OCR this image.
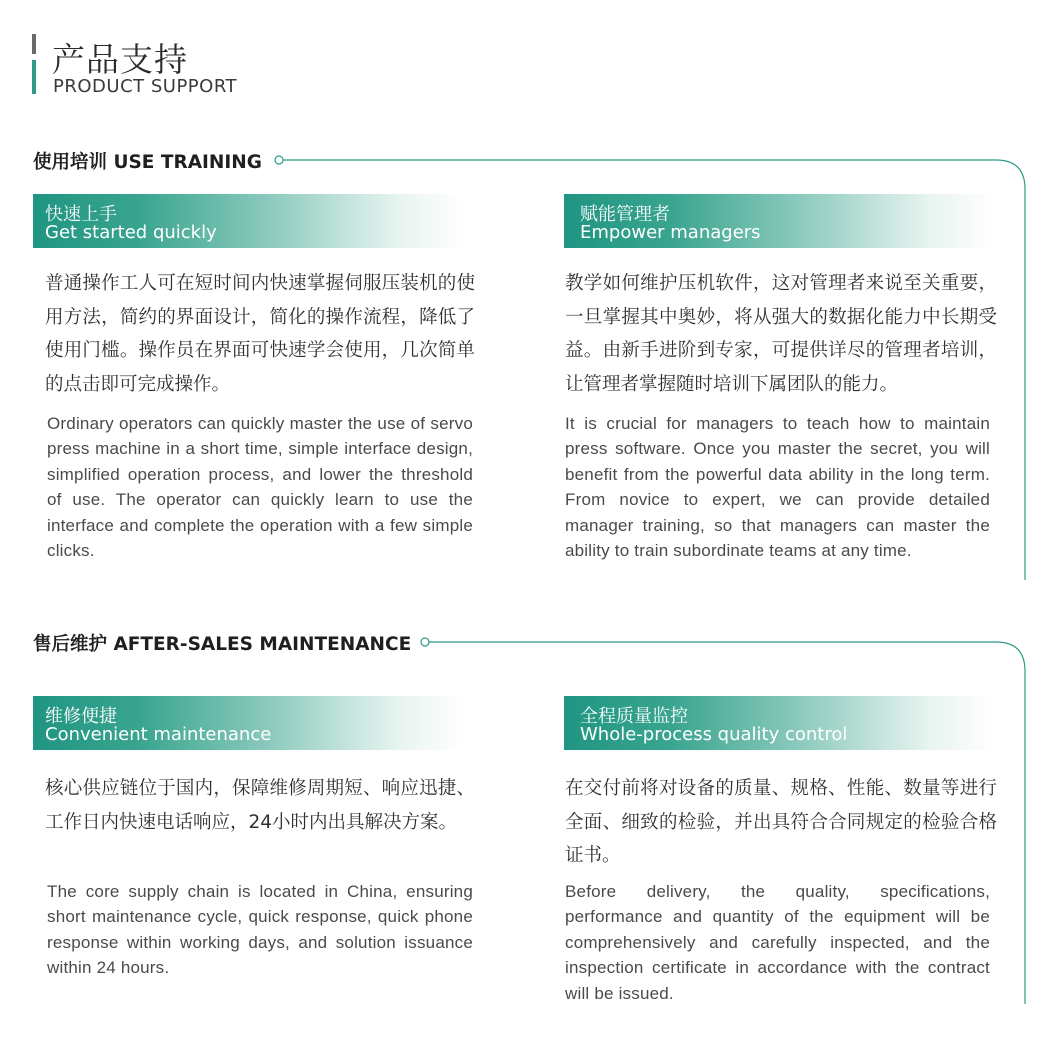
产品支持
PRODUCT SUPPORT
使用培训 USE TRAINING
快速上手
Get started quickly
普通操作工人可在短时间内快速掌握伺服压装机的使用方法，简约的界面设计，简化的操作流程，降低了使用门槛。操作员在界面可快速学会使用，几次简单的点击即可完成操作。
Ordinary operators can quickly master the use of servo press machine in a short time, simple interface design, simplified operation process, and lower the threshold of use. The operator can quickly learn to use the interface and complete the operation with a few simple clicks.
赋能管理者
Empower managers
教学如何维护压机软件，这对管理者来说至关重要，一旦掌握其中奥妙，将从强大的数据化能力中长期受益。由新手进阶到专家，可提供详尽的管理者培训，让管理者掌握随时培训下属团队的能力。
It is crucial for managers to teach how to maintain press software. Once you master the secret, you will benefit from the powerful data ability in the long term. From novice to expert, we can provide detailed manager training, so that managers can master the ability to train subordinate teams at any time.
售后维护 AFTER-SALES MAINTENANCE
维修便捷
Convenient maintenance
核心供应链位于国内，保障维修周期短、响应迅捷、工作日内快速电话响应，24小时内出具解决方案。
The core supply chain is located in China, ensuring short maintenance cycle, quick response, quick phone response within working days, and solution issuance within 24 hours.
全程质量监控
Whole-process quality control
在交付前将对设备的质量、规格、性能、数量等进行全面、细致的检验，并出具符合合同规定的检验合格证书。
Before delivery, the quality, specifications, performance and quantity of the equipment will be comprehensively and carefully inspected, and the inspection certificate in accordance with the contract will be issued.
